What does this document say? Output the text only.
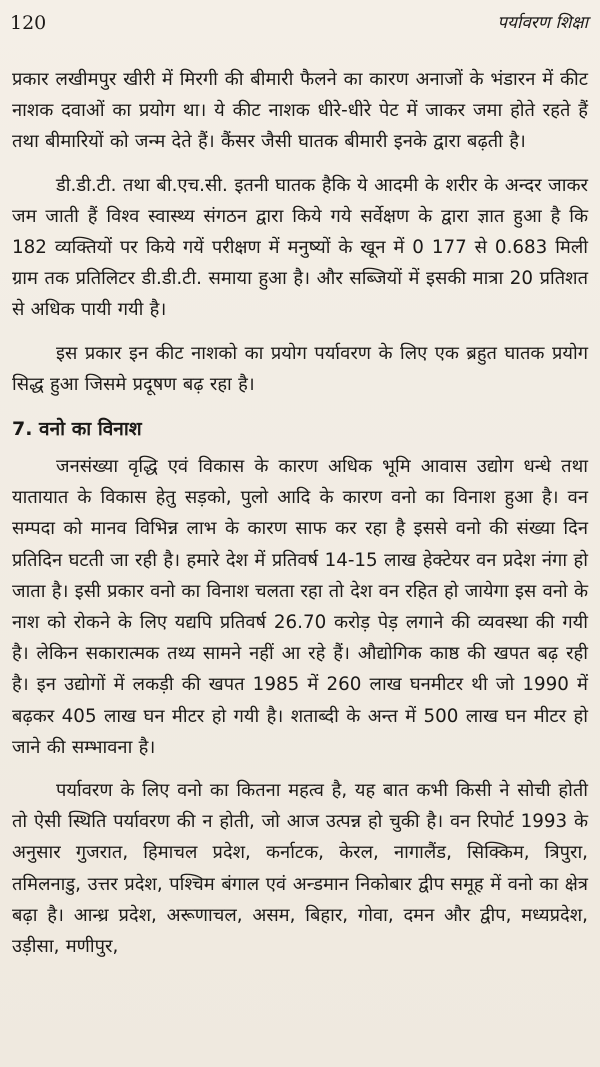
120	पर्यावरण शिक्षा

प्रकार लखीमपुर खीरी में मिरगी की बीमारी फैलने का कारण अनाजों के भंडारन में कीट नाशक दवाओं का प्रयोग था। ये कीट नाशक धीरे-धीरे पेट में जाकर जमा होते रहते हैं तथा बीमारियों को जन्म देते हैं। कैंसर जैसी घातक बीमारी इनके द्वारा बढ़ती है।

डी.डी.टी. तथा बी.एच.सी. इतनी घातक हैकि ये आदमी के शरीर के अन्दर जाकर जम जाती हैं विश्व स्वास्थ्य संगठन द्वारा किये गये सर्वेक्षण के द्वारा ज्ञात हुआ है कि 182 व्यक्तियों पर किये गयें परीक्षण में मनुष्यों के खून में 0 177 से 0.683 मिली ग्राम तक प्रतिलिटर डी.डी.टी. समाया हुआ है। और सब्जियों में इसकी मात्रा 20 प्रतिशत से अधिक पायी गयी है।

इस प्रकार इन कीट नाशको का प्रयोग पर्यावरण के लिए एक ब्रहुत घातक प्रयोग सिद्ध हुआ जिसमे प्रदूषण बढ़ रहा है।

7. वनो का विनाश

जनसंख्या वृद्धि एवं विकास के कारण अधिक भूमि आवास उद्योग धन्धे तथा यातायात के विकास हेतु सड़को, पुलो आदि के कारण वनो का विनाश हुआ है। वन सम्पदा को मानव विभिन्न लाभ के कारण साफ कर रहा है इससे वनो की संख्या दिन प्रतिदिन घटती जा रही है। हमारे देश में प्रतिवर्ष 14-15 लाख हेक्टेयर वन प्रदेश नंगा हो जाता है। इसी प्रकार वनो का विनाश चलता रहा तो देश वन रहित हो जायेगा इस वनो के नाश को रोकने के लिए यद्यपि प्रतिवर्ष 26.70 करोड़ पेड़ लगाने की व्यवस्था की गयी है। लेकिन सकारात्मक तथ्य सामने नहीं आ रहे हैं। औद्योगिक काष्ठ की खपत बढ़ रही है। इन उद्योगों में लकड़ी की खपत 1985 में 260 लाख घनमीटर थी जो 1990 में बढ़कर 405 लाख घन मीटर हो गयी है। शताब्दी के अन्त में 500 लाख घन मीटर हो जाने की सम्भावना है।

पर्यावरण के लिए वनो का कितना महत्व है, यह बात कभी किसी ने सोची होती तो ऐसी स्थिति पर्यावरण की न होती, जो आज उत्पन्न हो चुकी है। वन रिपोर्ट 1993 के अनुसार गुजरात, हिमाचल प्रदेश, कर्नाटक, केरल, नागालैंड, सिक्किम, त्रिपुरा, तमिलनाडु, उत्तर प्रदेश, पश्चिम बंगाल एवं अन्डमान निकोबार द्वीप समूह में वनो का क्षेत्र बढ़ा है। आन्ध्र प्रदेश, अरूणाचल, असम, बिहार, गोवा, दमन और द्वीप, मध्यप्रदेश, उड़ीसा, मणीपुर,
